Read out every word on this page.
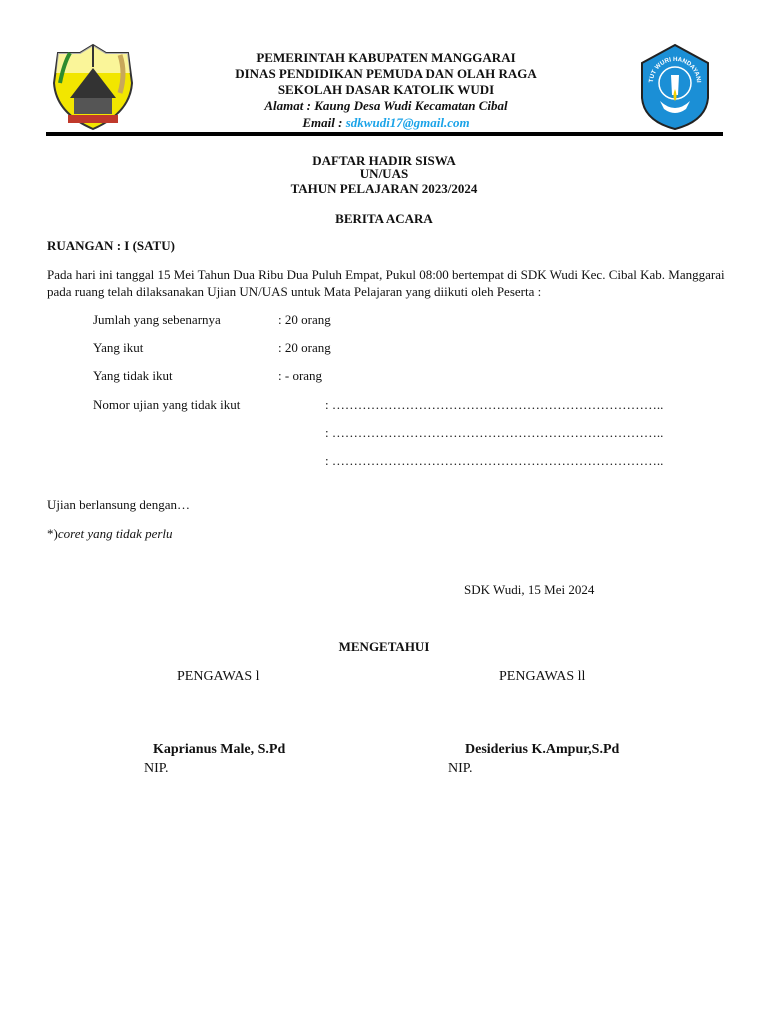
TUT WURI HANDAYANI
PEMERINTAH KABUPATEN MANGGARAI
DINAS PENDIDIKAN PEMUDA DAN OLAH RAGA
SEKOLAH DASAR KATOLIK WUDI
Alamat : Kaung Desa Wudi Kecamatan Cibal
Email : sdkwudi17@gmail.com
DAFTAR HADIR SISWA
UN/UAS
TAHUN PELAJARAN 2023/2024
BERITA ACARA
RUANGAN : I (SATU)
Pada hari ini tanggal 15 Mei Tahun Dua Ribu Dua Puluh Empat, Pukul 08:00 bertempat di SDK Wudi Kec. Cibal Kab. Manggarai
pada ruang telah dilaksanakan Ujian UN/UAS untuk Mata Pelajaran yang diikuti oleh Peserta :
Jumlah yang sebenarnya	: 20 orang
Yang ikut	: 20 orang
Yang tidak ikut	: - orang
Nomor ujian yang tidak ikut	: …………………………………………………………………..
: …………………………………………………………………..
: …………………………………………………………………..
Ujian berlansung dengan…
*)coret yang tidak perlu
SDK Wudi, 15 Mei 2024
MENGETAHUI
PENGAWAS l	PENGAWAS ll
Kaprianus Male, S.Pd	Desiderius K.Ampur,S.Pd
NIP.	NIP.
